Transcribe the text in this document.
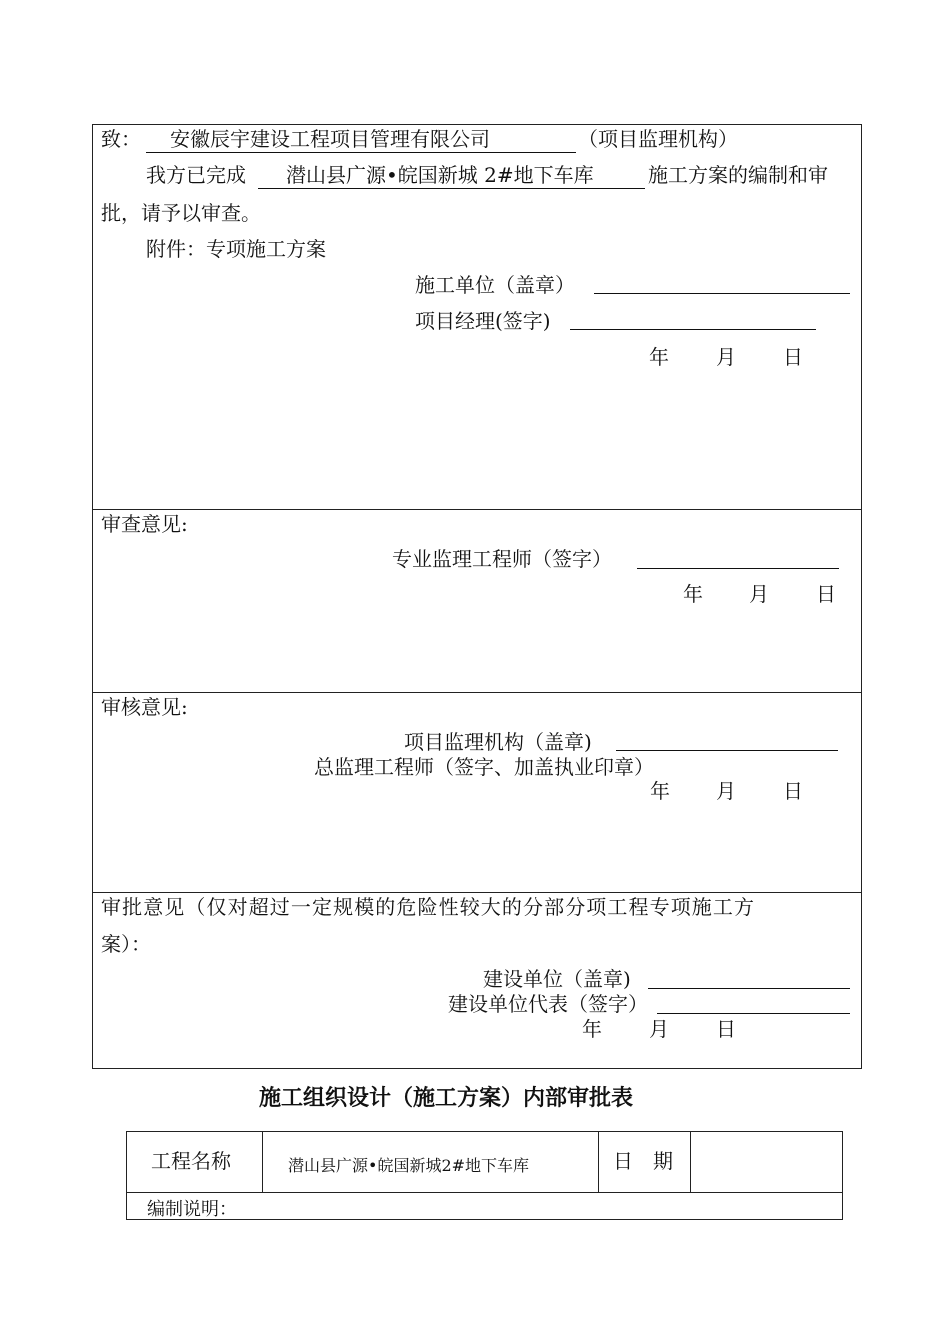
致：	安徽辰宇建设工程项目管理有限公司	（项目监理机构）
我方已完成	潜山县广源•皖国新城 2#地下车库	施工方案的编制和审
批，请予以审查。
附件：专项施工方案
施工单位（盖章）
项目经理(签字)
年 月 日
审查意见:
专业监理工程师（签字）
年 月 日
审核意见:
项目监理机构（盖章)
总监理工程师（签字、加盖执业印章）
年 月 日
审批意见（仅对超过一定规模的危险性较大的分部分项工程专项施工方
案）：
建设单位（盖章)
建设单位代表（签字）
年 月 日
施工组织设计（施工方案）内部审批表
工程名称	潜山县广源•皖国新城2#地下车库	日　期
编制说明：
